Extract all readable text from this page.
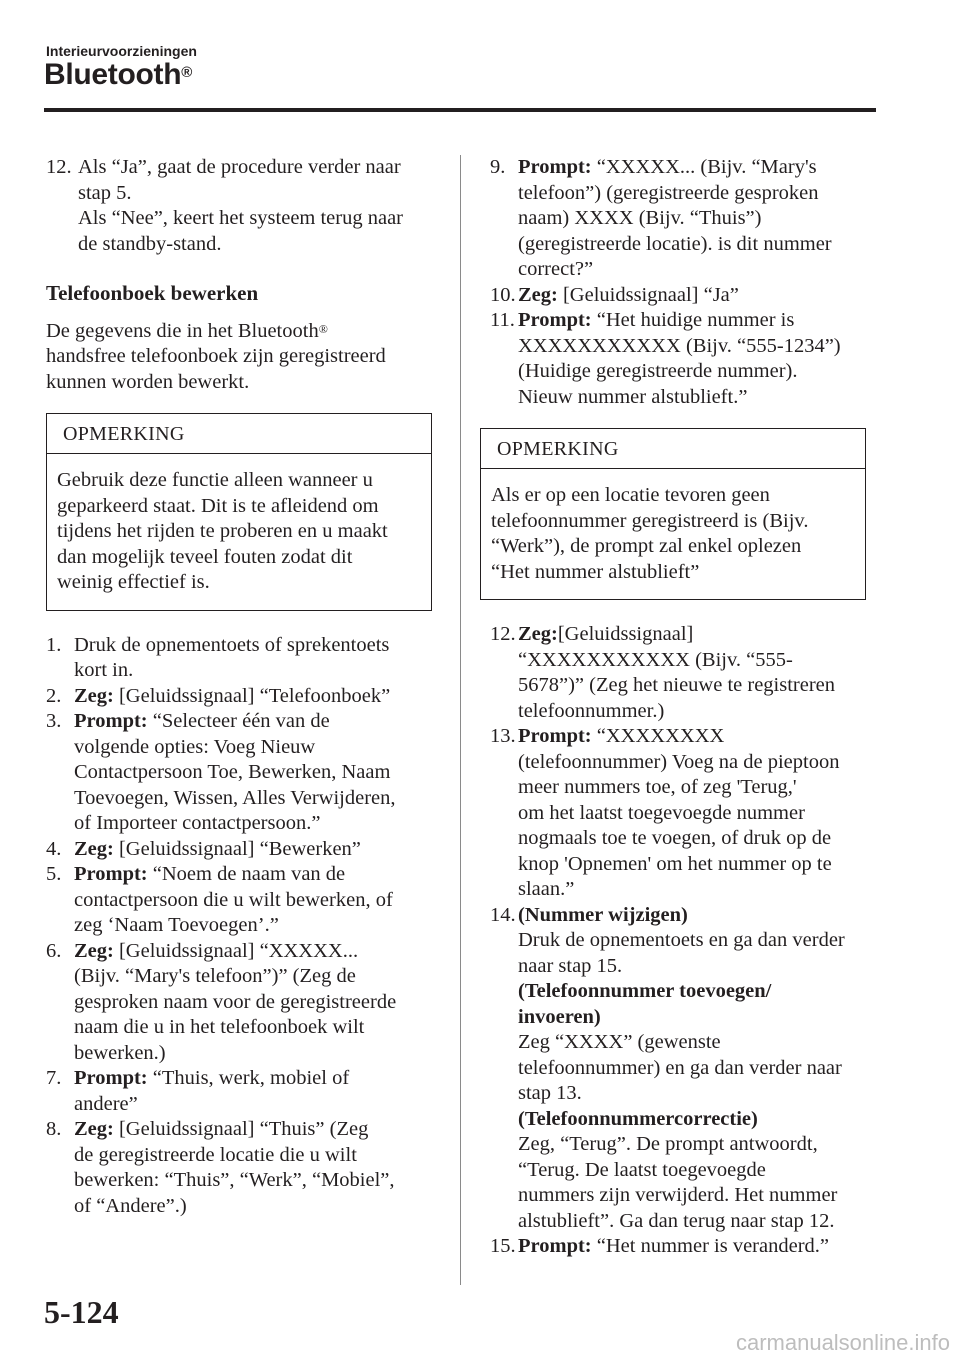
Interieurvoorzieningen
Bluetooth®
12. Als “Ja”, gaat de procedure verder naar
stap 5.
Als “Nee”, keert het systeem terug naar
de standby-stand.
Telefoonboek bewerken
De gegevens die in het Bluetooth®
handsfree telefoonboek zijn geregistreerd
kunnen worden bewerkt.
OPMERKING
Gebruik deze functie alleen wanneer u
geparkeerd staat. Dit is te afleidend om
tijdens het rijden te proberen en u maakt
dan mogelijk teveel fouten zodat dit
weinig effectief is.
1. Druk de opnementoets of sprekentoets
kort in.
2. Zeg: [Geluidssignaal] “Telefoonboek”
3. Prompt: “Selecteer één van de
volgende opties: Voeg Nieuw
Contactpersoon Toe, Bewerken, Naam
Toevoegen, Wissen, Alles Verwijderen,
of Importeer contactpersoon.”
4. Zeg: [Geluidssignaal] “Bewerken”
5. Prompt: “Noem de naam van de
contactpersoon die u wilt bewerken, of
zeg ‘Naam Toevoegen’.”
6. Zeg: [Geluidssignaal] “XXXXX...
(Bijv. “Mary's telefoon”)” (Zeg de
gesproken naam voor de geregistreerde
naam die u in het telefoonboek wilt
bewerken.)
7. Prompt: “Thuis, werk, mobiel of
andere”
8. Zeg: [Geluidssignaal] “Thuis” (Zeg
de geregistreerde locatie die u wilt
bewerken: “Thuis”, “Werk”, “Mobiel”,
of “Andere”.)
9. Prompt: “XXXXX... (Bijv. “Mary's
telefoon”) (geregistreerde gesproken
naam) XXXX (Bijv. “Thuis”)
(geregistreerde locatie). is dit nummer
correct?”
10. Zeg: [Geluidssignaal] “Ja”
11. Prompt: “Het huidige nummer is
XXXXXXXXXXX (Bijv. “555-1234”)
(Huidige geregistreerde nummer).
Nieuw nummer alstublieft.”
OPMERKING
Als er op een locatie tevoren geen
telefoonnummer geregistreerd is (Bijv.
“Werk”), de prompt zal enkel oplezen
“Het nummer alstublieft”
12. Zeg:[Geluidssignaal]
“XXXXXXXXXXX (Bijv. “555-
5678”)” (Zeg het nieuwe te registreren
telefoonnummer.)
13. Prompt: “XXXXXXXX
(telefoonnummer) Voeg na de pieptoon
meer nummers toe, of zeg 'Terug,'
om het laatst toegevoegde nummer
nogmaals toe te voegen, of druk op de
knop 'Opnemen' om het nummer op te
slaan.”
14. (Nummer wijzigen)
Druk de opnementoets en ga dan verder
naar stap 15.
(Telefoonnummer toevoegen/
invoeren)
Zeg “XXXX” (gewenste
telefoonnummer) en ga dan verder naar
stap 13.
(Telefoonnummercorrectie)
Zeg, “Terug”. De prompt antwoordt,
“Terug. De laatst toegevoegde
nummers zijn verwijderd. Het nummer
alstublieft”. Ga dan terug naar stap 12.
15. Prompt: “Het nummer is veranderd.”
5-124
carmanualsonline.info
